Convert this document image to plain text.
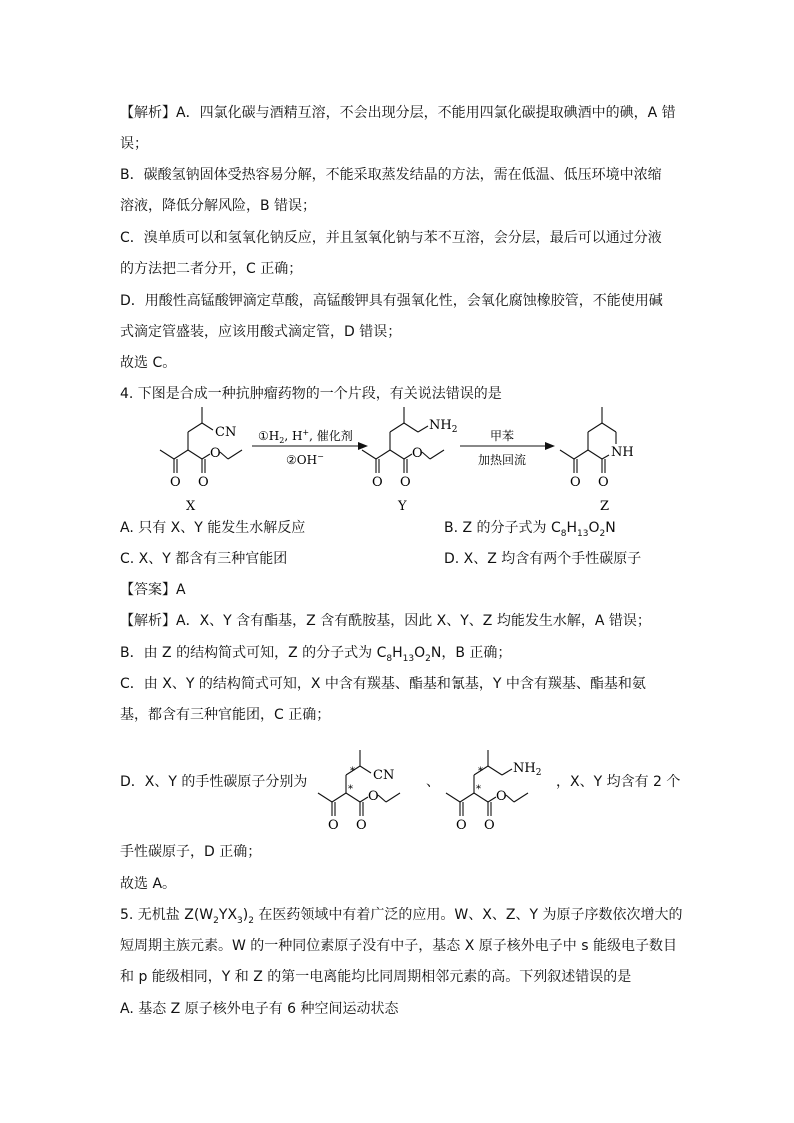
【解析】A．四氯化碳与酒精互溶，不会出现分层，不能用四氯化碳提取碘酒中的碘，A 错
误；
B．碳酸氢钠固体受热容易分解，不能采取蒸发结晶的方法，需在低温、低压环境中浓缩
溶液，降低分解风险，B 错误；
C．溴单质可以和氢氧化钠反应，并且氢氧化钠与苯不互溶，会分层，最后可以通过分液
的方法把二者分开，C 正确；
D．用酸性高锰酸钾滴定草酸，高锰酸钾具有强氧化性，会氧化腐蚀橡胶管，不能使用碱
式滴定管盛装，应该用酸式滴定管，D 错误；
故选 C。
4. 下图是合成一种抗肿瘤药物的一个片段，有关说法错误的是
CN
O O
O
$NH_2$
O O
O	NH
O O
$①H_2$, H+, 催化剂
②OH−
甲苯
加热回流
X	Y	Z
A. 只有 X、Y 能发生水解反应	B. Z 的分子式为 $C_8H_{13}O_2N$
C. X、Y 都含有三种官能团	D. X、Z 均含有两个手性碳原子
【答案】A
【解析】A．X、Y 含有酯基，Z 含有酰胺基，因此 X、Y、Z 均能发生水解，A 错误；
B．由 Z 的结构简式可知，Z 的分子式为 $C_8H_{13}O_2N$，B 正确；
C．由 X、Y 的结构简式可知，X 中含有羰基、酯基和氰基，Y 中含有羰基、酯基和氨
基，都含有三种官能团，C 正确；
D．X、Y 的手性碳原子分别为	、	，X、Y 均含有 2 个
CN
*
*
O O
O
$NH_2$
*
*
O O
O
手性碳原子，D 正确；
故选 A。
5. 无机盐 $Z(W_2YX_3)_2$ 在医药领域中有着广泛的应用。W、X、Z、Y 为原子序数依次增大的
短周期主族元素。W 的一种同位素原子没有中子，基态 X 原子核外电子中 s 能级电子数目
和 p 能级相同，Y 和 Z 的第一电离能均比同周期相邻元素的高。下列叙述错误的是
A. 基态 Z 原子核外电子有 6 种空间运动状态
